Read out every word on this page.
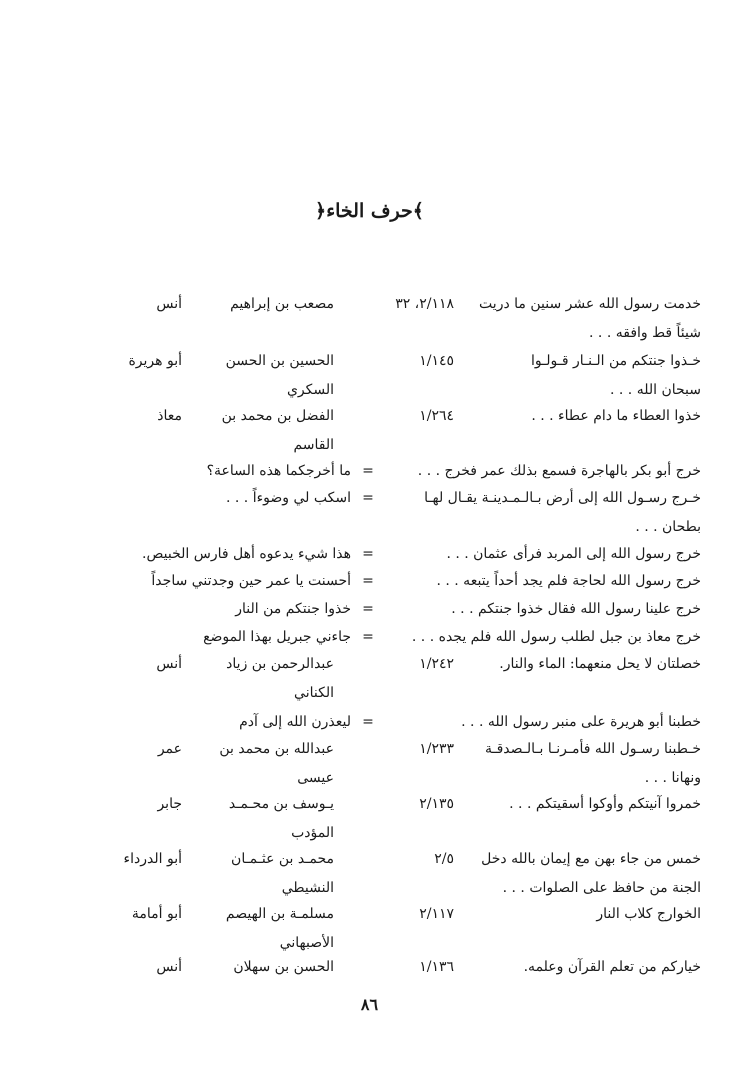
﴿حرف الخاء﴾
خدمت رسول الله عشر سنين ما دريت
شيئاً قط وافقه . . .
٢/١١٨، ٣٢
مصعب بن إبراهيم
أنس
خـذوا جنتكم من الـنـار قـولـوا
سبحان الله . . .
١/١٤٥
الحسين بن الحسن
السكري
أبو هريرة
خذوا العطاء ما دام عطاء . . .
١/٢٦٤
الفضل بن محمد بن
القاسم
معاذ
خرج أبو بكر بالهاجرة فسمع بذلك عمر فخرج . . .
=
ما أخرجكما هذه الساعة؟
خـرج رسـول الله إلى أرض بـالـمـدينـة يقـال لهـا
بطحان . . .
=
اسكب لي وضوءاً . . .
خرج رسول الله إلى المربد فرأى عثمان . . .
=
هذا شيء يدعوه أهل فارس الخبيص.
خرج رسول الله لحاجة فلم يجد أحداً يتبعه . . .
=
أحسنت يا عمر حين وجدتني ساجداً
خرج علينا رسول الله فقال خذوا جنتكم . . .
=
خذوا جنتكم من النار
خرج معاذ بن جبل لطلب رسول الله فلم يجده . . .
=
جاءني جبريل بهذا الموضع
خصلتان لا يحل منعهما: الماء والنار.
١/٢٤٢
عبدالرحمن بن زياد
الكناني
أنس
خطبنا أبو هريرة على منبر رسول الله . . .
=
ليعذرن الله إلى آدم
خـطبنا رسـول الله فأمـرنـا بـالـصدقـة
ونهانا . . .
١/٢٣٣
عبدالله بن محمد بن
عيسى
عمر
خمروا آنيتكم وأوكوا أسقيتكم . . .
٢/١٣٥
يـوسف بن محـمـد
المؤدب
جابر
خمس من جاء بهن مع إيمان بالله دخل
الجنة من حافظ على الصلوات . . .
٢/٥
محمـد بن عثـمـان
النشيطي
أبو الدرداء
الخوارج كلاب النار
٢/١١٧
مسلمـة بن الهيصم
الأصبهاني
أبو أمامة
خياركم من تعلم القرآن وعلمه.
١/١٣٦
الحسن بن سهلان
أنس
٨٦
